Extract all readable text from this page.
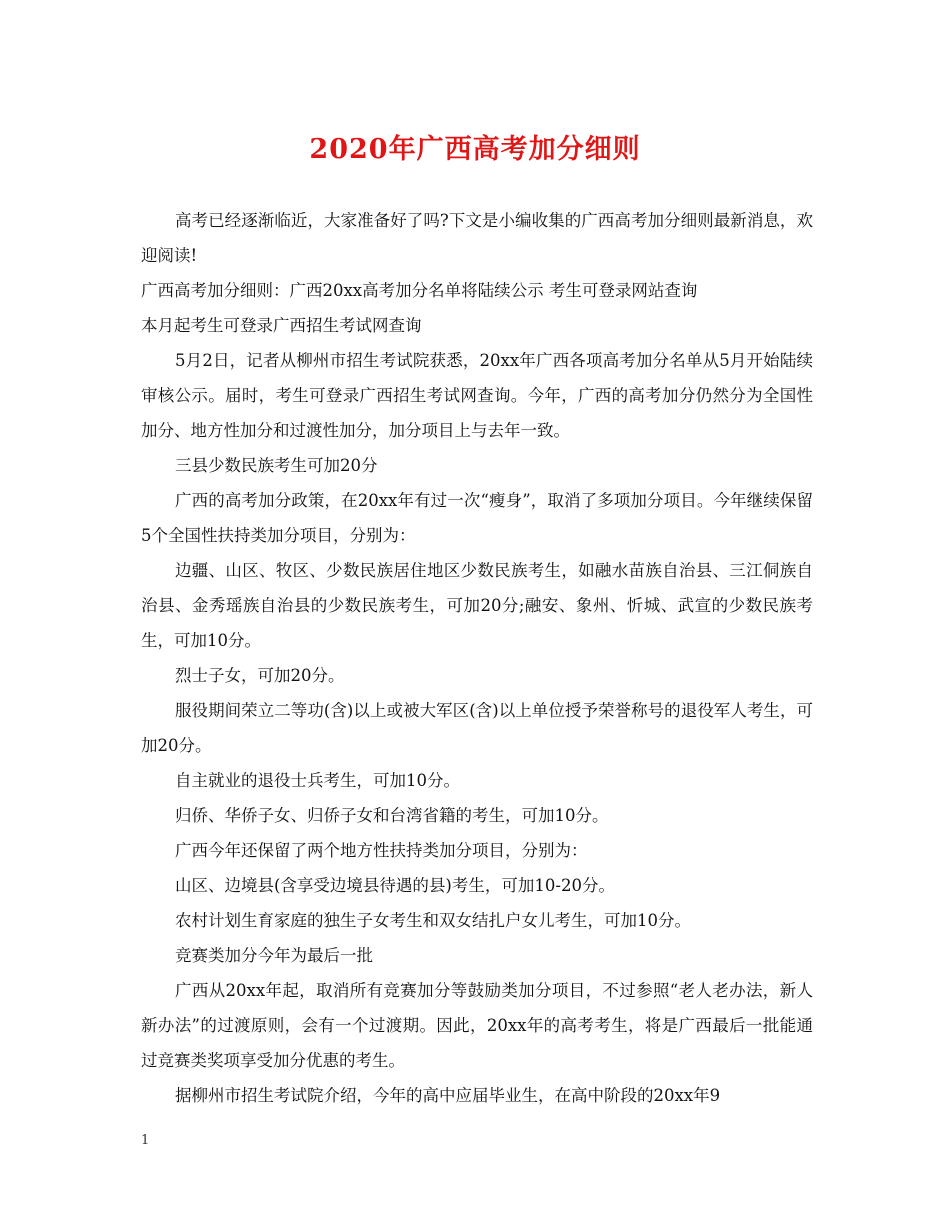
2020年广西高考加分细则

高考已经逐渐临近，大家准备好了吗?下文是小编收集的广西高考加分细则最新消息，欢迎阅读!

广西高考加分细则：广西20xx高考加分名单将陆续公示 考生可登录网站查询

本月起考生可登录广西招生考试网查询

5月2日，记者从柳州市招生考试院获悉，20xx年广西各项高考加分名单从5月开始陆续审核公示。届时，考生可登录广西招生考试网查询。今年，广西的高考加分仍然分为全国性加分、地方性加分和过渡性加分，加分项目上与去年一致。

三县少数民族考生可加20分

广西的高考加分政策，在20xx年有过一次“瘦身”，取消了多项加分项目。今年继续保留5个全国性扶持类加分项目，分别为：

边疆、山区、牧区、少数民族居住地区少数民族考生，如融水苗族自治县、三江侗族自治县、金秀瑶族自治县的少数民族考生，可加20分;融安、象州、忻城、武宣的少数民族考生，可加10分。

烈士子女，可加20分。

服役期间荣立二等功(含)以上或被大军区(含)以上单位授予荣誉称号的退役军人考生，可加20分。

自主就业的退役士兵考生，可加10分。

归侨、华侨子女、归侨子女和台湾省籍的考生，可加10分。

广西今年还保留了两个地方性扶持类加分项目，分别为：

山区、边境县(含享受边境县待遇的县)考生，可加10-20分。

农村计划生育家庭的独生子女考生和双女结扎户女儿考生，可加10分。

竞赛类加分今年为最后一批

广西从20xx年起，取消所有竞赛加分等鼓励类加分项目，不过参照“老人老办法，新人新办法”的过渡原则，会有一个过渡期。因此，20xx年的高考考生，将是广西最后一批能通过竞赛类奖项享受加分优惠的考生。

据柳州市招生考试院介绍，今年的高中应届毕业生，在高中阶段的20xx年9

1
